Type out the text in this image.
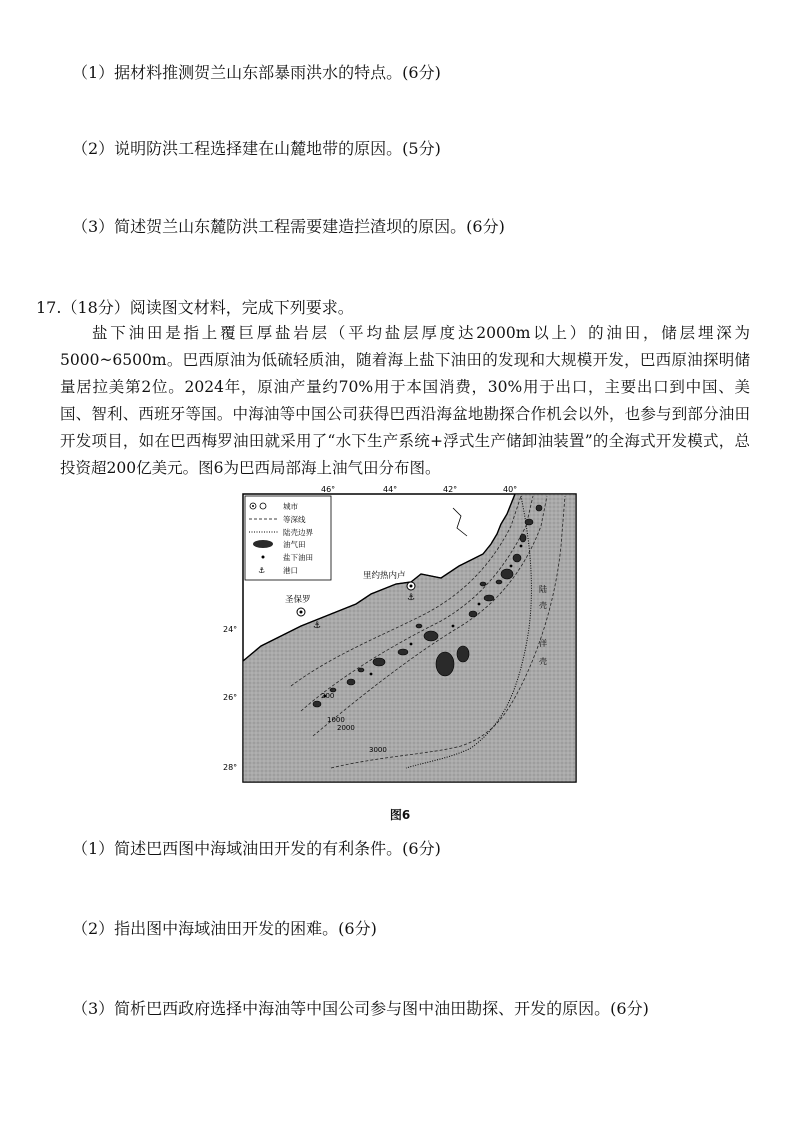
（1）据材料推测贺兰山东部暴雨洪水的特点。(6分)
（2）说明防洪工程选择建在山麓地带的原因。(5分)
（3）简述贺兰山东麓防洪工程需要建造拦渣坝的原因。(6分)
17.（18分）阅读图文材料，完成下列要求。
盐下油田是指上覆巨厚盐岩层（平均盐层厚度达2000m以上）的油田，储层埋深为5000~6500m。巴西原油为低硫轻质油，随着海上盐下油田的发现和大规模开发，巴西原油探明储量居拉美第2位。2024年，原油产量约70%用于本国消费，30%用于出口，主要出口到中国、美国、智利、西班牙等国。中海油等中国公司获得巴西沿海盆地勘探合作机会以外，也参与到部分油田开发项目，如在巴西梅罗油田就采用了“水下生产系统+浮式生产储卸油装置”的全海式开发模式，总投资超200亿美元。图6为巴西局部海上油气田分布图。
里约热内卢
圣保罗
⚓
⚓
200
1000
2000
3000
陆
壳
洋
壳
46°	44°	42°	40°
24°
26°
28°
城市
等深线
陆壳边界
油气田
盐下油田
⚓ 港口
图6
（1）简述巴西图中海域油田开发的有利条件。(6分)
（2）指出图中海域油田开发的困难。(6分)
（3）简析巴西政府选择中海油等中国公司参与图中油田勘探、开发的原因。(6分)
